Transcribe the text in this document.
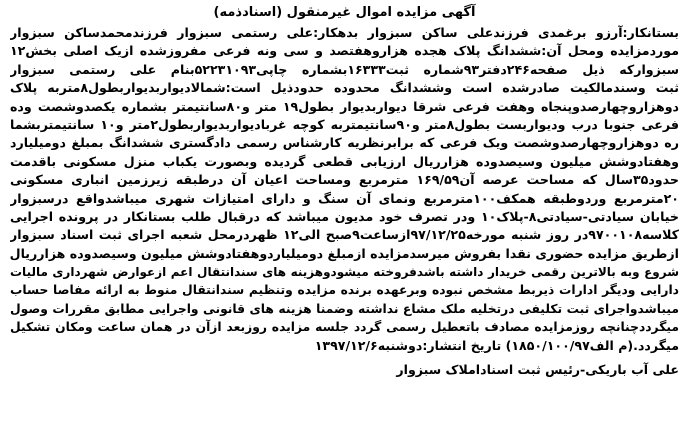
آگهی مزایده اموال غیرمنقول (اسنادذمه)
بستانکار:آرزو برغمدی فرزندعلی ساکن سبزوار بدهکار:علی رستمی سبزوار فرزندمحمدساکن سبزوار
موردمزایده ومحل آن:ششدانگ پلاک هجده هزاروهفتصد و سی ونه فرعی مفروزشده ازیک اصلی بخش۱۲
سبزوارکه ذیل صفحه۲۴۶دفتر۹۳شماره ثبت۱۶۳۳۳بشماره چاپی۵۲۲۳۱۰۹۳بنام علی رستمی سبزوار
ثبت وسندمالکیت صادرشده است وششدانگ محدوده حدودذیل است:شمالادیواربدیواربطول۸متربه پلاک
دوهزاروچهارصدوپنجاه وهفت فرعی شرقا دیواربدیوار بطول۱۹ متر و۸۰سانتیمتر بشماره یکصدوشصت وده
فرعی جنوبا درب وديواربست بطول۸متر و۹۰سانتيمتربه کوچه غربادیواربدیواربطول۲متر و۱۰ سانتیمتربشما
ره دوهزاروچهارصدوشصت ویک فرعی که برابرنظریه کارشناس رسمی دادگستری ششدانگ بمبلغ دومیلیارد
وهفتادوشش میلیون وسیصدوده هزارریال ارزیابی قطعی گردیده وبصورت یکباب منزل مسکونی باقدمت
حدود۳۵سال که مساحت عرصه آن۱۶۹/۵۹ مترمربع ومساحت اعیان آن درطبقه زیرزمین انباری مسکونی
۲۰مترمربع وردوطبقه همکف۱۰۰مترمربع ونمای آن سنگ و دارای امتیازات شهری میباشدواقع درسبزوار
خیابان سیادتی-سیادتی۸-پلاک۱۰ ودر تصرف خود مدیون میباشد که درقبال طلب بستانکار در پرونده اجرایی
کلاسه۹۷۰۰۱۰۸در روز شنبه مورخه۹۷/۱۲/۲۵ازساعت۹صبح الی۱۲ ظهردرمحل شعبه اجرای ثبت اسناد سبزوار
ازطريق مزايده حضوری نقدا بفروش ميرسدمزایده ازمبلغ دومیلیاردوهفتادوشش میلیون وسیصدوده هزارریال
شروع وبه بالاترین رقمی خریدار داشته باشدفروخته میشودوهزینه های سندانتقال اعم ازعوارض شهرداری مالیات
دارایی وديگر ادارات ذیربط مشخص نبوده وبرعهده برنده مزایده وتنظیم سندانتقال منوط به ارائه مفاصا حساب
میباشدواجرای ثبت تکلیفی درتخلیه ملک مشاع نداشته وضمنا هزینه های قانونی واجرایی مطابق مقررات وصول
میگرددچنانچه روزمزایده مصادف باتعطیل رسمی گردد جلسه مزایده روزبعد ازآن در همان ساعت ومکان تشکیل
میگردد.(م الف۱۸۵۰/۱۰۰/۹۷) تاریخ انتشار:دوشنبه۱۳۹۷/۱۲/۶
علی آب باریکی-رئیس ثبت اسناداملاک سبزوار
